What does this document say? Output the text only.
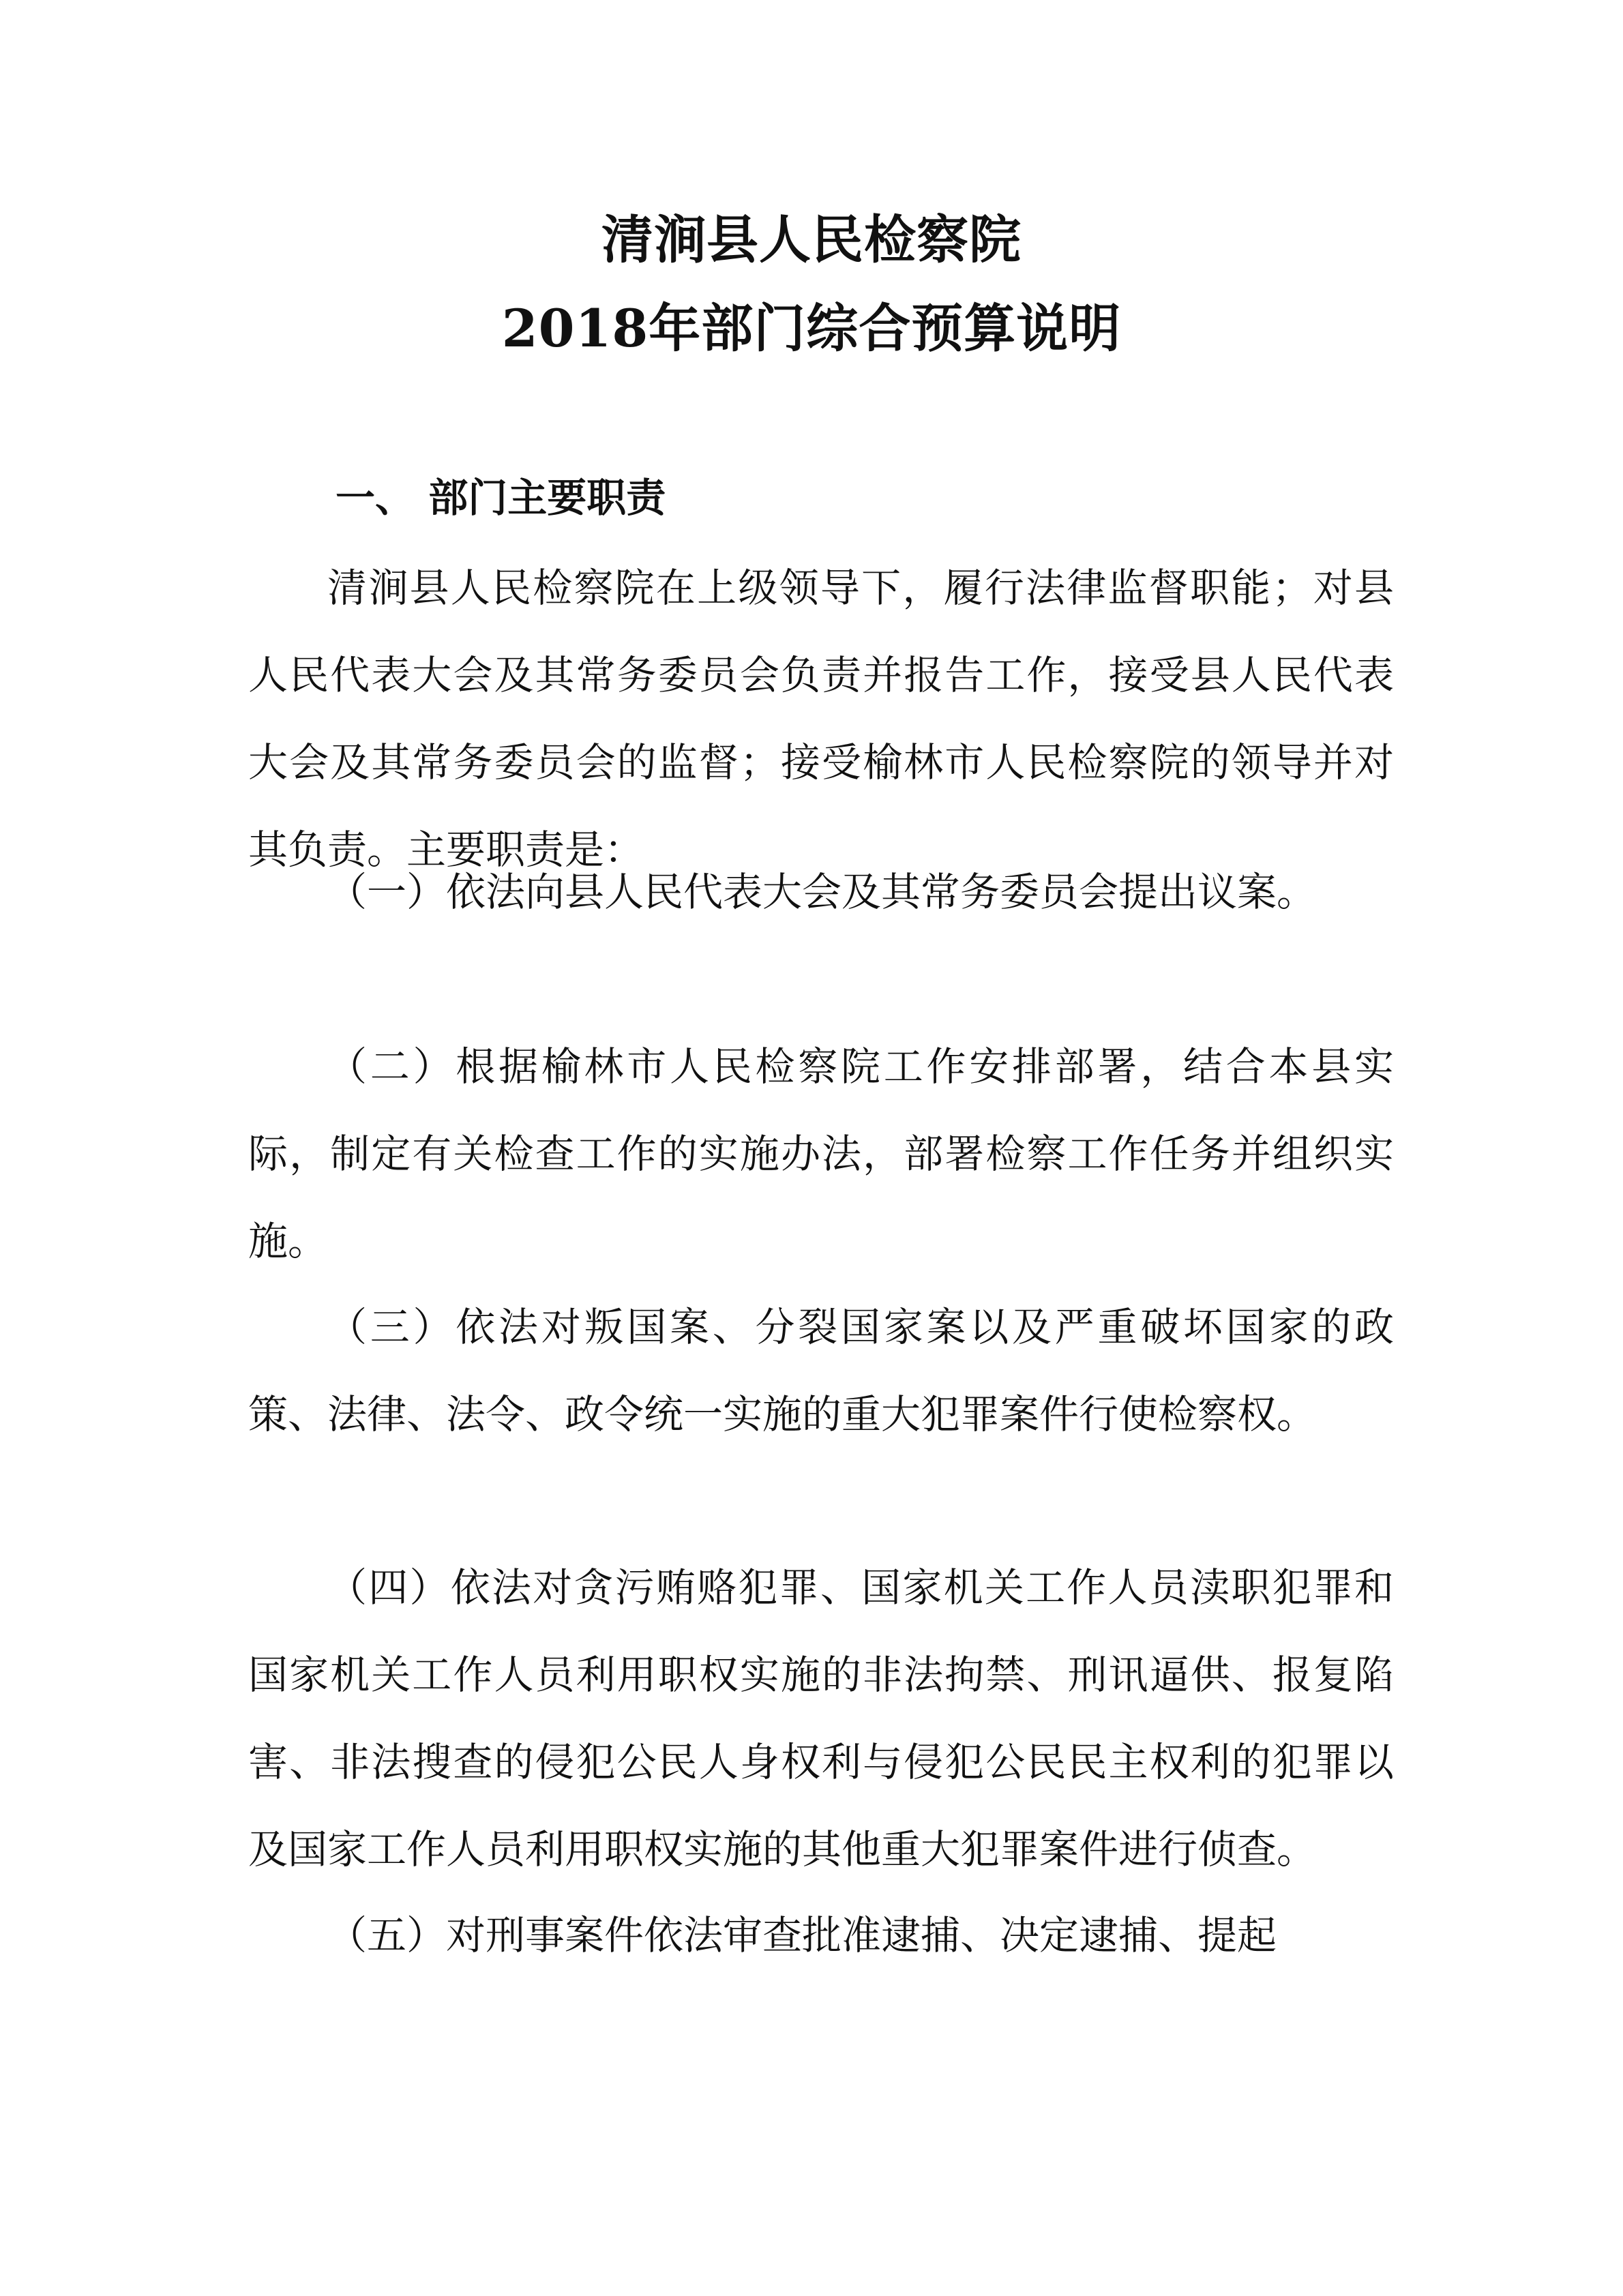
清涧县人民检察院
2018年部门综合预算说明
一、 部门主要职责

清涧县人民检察院在上级领导下，履行法律监督职能；对县人民代表大会及其常务委员会负责并报告工作，接受县人民代表大会及其常务委员会的监督；接受榆林市人民检察院的领导并对其负责。主要职责是：

（一）依法向县人民代表大会及其常务委员会提出议案。

（二）根据榆林市人民检察院工作安排部署，结合本县实际，制定有关检查工作的实施办法，部署检察工作任务并组织实施。

（三）依法对叛国案、分裂国家案以及严重破坏国家的政策、法律、法令、政令统一实施的重大犯罪案件行使检察权。

（四）依法对贪污贿赂犯罪、国家机关工作人员渎职犯罪和国家机关工作人员利用职权实施的非法拘禁、刑讯逼供、报复陷害、非法搜查的侵犯公民人身权利与侵犯公民民主权利的犯罪以及国家工作人员利用职权实施的其他重大犯罪案件进行侦查。

（五）对刑事案件依法审查批准逮捕、决定逮捕、提起
